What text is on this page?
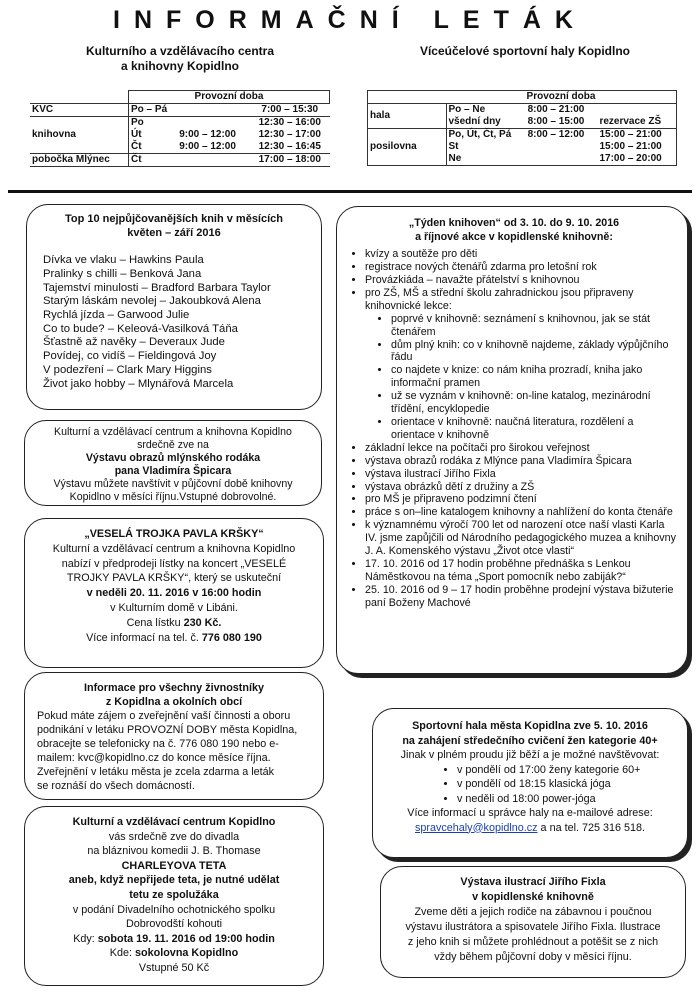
INFORMAČNÍ LETÁK
Kulturního a vzdělávacího centra
a knihovny Kopidlno
Víceúčelové sportovní haly Kopidlno
	Provozní doba		
KVC	Po – Pá		7:00 – 15:30
knihovna	Po		12:30 – 16:00
	Út	9:00 – 12:00	12:30 – 17:00
	Čt	9:00 – 12:00	12:30 – 16:45
pobočka Mlýnec	Čt		17:00 – 18:00
	Provozní doba		
hala	Po – Ne	8:00 – 21:00	
	všední dny	8:00 – 15:00	rezervace ZŠ
posilovna	Po, Út, Čt, Pá	8:00 – 12:00	15:00 – 21:00
	St		15:00 – 21:00
	Ne		17:00 – 20:00
Top 10 nejpůjčovanějších knih v měsících
květen – září 2016
Dívka ve vlaku – Hawkins Paula
Pralinky s chilli – Benková Jana
Tajemství minulosti – Bradford Barbara Taylor
Starým láskám nevolej – Jakoubková Alena
Rychlá jízda – Garwood Julie
Co to bude? – Keleová-Vasilková Táňa
Šťastně až navěky – Deveraux Jude
Povídej, co vidíš – Fieldingová Joy
V podezření – Clark Mary Higgins
Život jako hobby – Mlynářová Marcela
Kulturní a vzdělávací centrum a knihovna Kopidlno
srdečně zve na
Výstavu obrazů mlýnského rodáka
pana Vladimíra Špicara
Výstavu můžete navštívit v půjčovní době knihovny
Kopidlno v měsíci říjnu.Vstupné dobrovolné.
„VESELÁ TROJKA PAVLA KRŠKY“
Kulturní a vzdělávací centrum a knihovna Kopidlno
nabízí v předprodeji lístky na koncert „VESELÉ
TROJKY PAVLA KRŠKY“, který se uskuteční
v neděli 20. 11. 2016 v 16:00 hodin
v Kulturním domě v Libáni.
Cena lístku 230 Kč.
Více informací na tel. č. 776 080 190
Informace pro všechny živnostníky
z Kopidlna a okolních obcí
Pokud máte zájem o zveřejnění vaší činnosti a oboru
podnikání v letáku PROVOZNÍ DOBY města Kopidlna,
obracejte se telefonicky na č. 776 080 190 nebo e-
mailem: kvc@kopidlno.cz do konce měsíce října.
Zveřejnění v letáku města je zcela zdarma a leták
se roznáší do všech domácností.
Kulturní a vzdělávací centrum Kopidlno
vás srdečně zve do divadla
na bláznivou komedii J. B. Thomase
CHARLEYOVA TETA
aneb, když nepřijede teta, je nutné udělat
tetu ze spolužáka
v podání Divadelního ochotnického spolku
Dobrovodští kohouti
Kdy: sobota 19. 11. 2016 od 19:00 hodin
Kde: sokolovna Kopidlno
Vstupné 50 Kč
„Týden knihoven“ od 3. 10. do 9. 10. 2016
a říjnové akce v kopidlenské knihovně:
• kvízy a soutěže pro děti
• registrace nových čtenářů zdarma pro letošní rok
• Provázkiáda – navažte přátelství s knihovnou
• pro ZŠ, MŠ a střední školu zahradnickou jsou připraveny knihovnické lekce:
• poprvé v knihovně: seznámení s knihovnou, jak se stát čtenářem
• dům plný knih: co v knihovně najdeme, základy výpůjčního řádu
• co najdete v knize: co nám kniha prozradí, kniha jako informační pramen
• už se vyznám v knihovně: on-line katalog, mezinárodní třídění, encyklopedie
• orientace v knihovně: naučná literatura, rozdělení a orientace v knihovně
• základní lekce na počítači pro širokou veřejnost
• výstava obrazů rodáka z Mlýnce pana Vladimíra Špicara
• výstava ilustrací Jiřího Fixla
• výstava obrázků dětí z družiny a ZŠ
• pro MŠ je připraveno podzimní čtení
• práce s on–line katalogem knihovny a nahlížení do konta čtenáře
• k významnému výročí 700 let od narození otce naší vlasti Karla IV. jsme zapůjčili od Národního pedagogického muzea a knihovny J. A. Komenského výstavu „Život otce vlasti“
• 17. 10. 2016 od 17 hodin proběhne přednáška s Lenkou Náměstkovou na téma „Sport pomocník nebo zabiják?“
• 25. 10. 2016 od 9 – 17 hodin proběhne prodejní výstava bižuterie paní Boženy Machové
Sportovní hala města Kopidlna zve 5. 10. 2016
na zahájení středečního cvičení žen kategorie 40+
Jinak v plném proudu již běží a je možné navštěvovat:
• v pondělí od 17:00 ženy kategorie 60+
• v pondělí od 18:15 klasická jóga
• v neděli od 18:00 power-jóga
Více informací u správce haly na e-mailové adrese:
spravcehaly@kopidlno.cz a na tel. 725 316 518.
Výstava ilustrací Jiřího Fixla
v kopidlenské knihovně
Zveme děti a jejich rodiče na zábavnou i poučnou
výstavu ilustrátora a spisovatele Jiřího Fixla. Ilustrace
z jeho knih si můžete prohlédnout a potěšit se z nich
vždy během půjčovní doby v měsíci říjnu.
